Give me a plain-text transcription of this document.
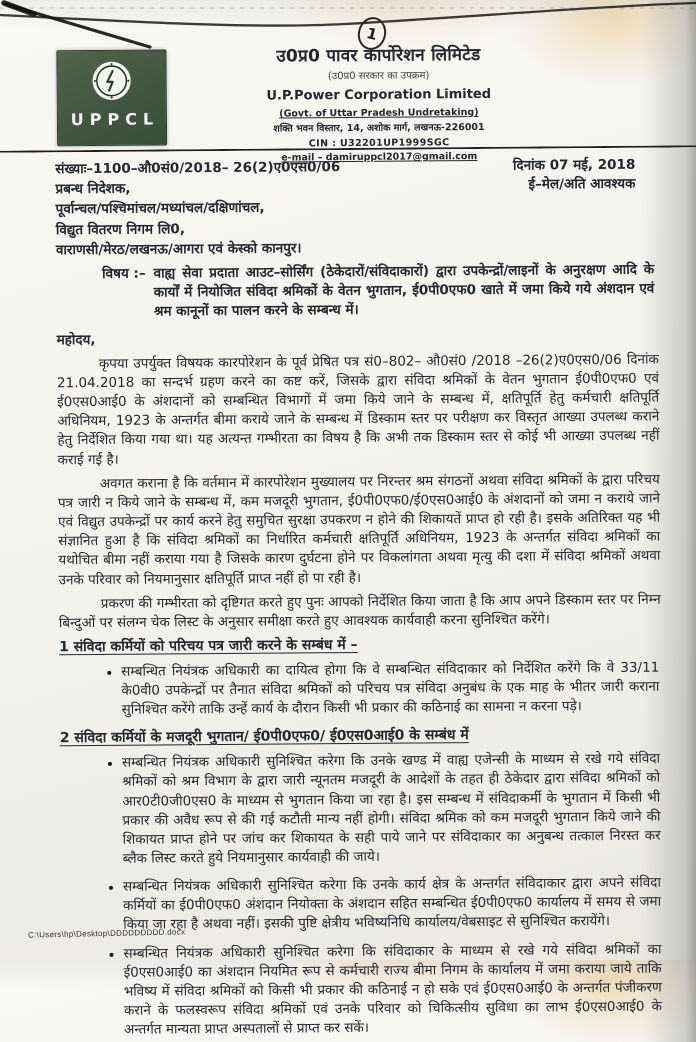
1
UPPCL
उ0प्र0 पावर कार्पोरेशन लिमिटेड
(उ0प्र0 सरकार का उपक्रम)
U.P.Power Corporation Limited
(Govt. of Uttar Pradesh Undretaking)
शक्ति भवन विस्तार, 14, अशोक मार्ग, लखनऊ-226001
CIN : U32201UP1999SGC
e-mail – damiruppcl2017@gmail.com
संख्याः–1100–औ0सं0/2018– 26(2)ए0एस0/06	दिनांक 07 मई, 2018
प्रबन्ध निदेशक,
पूर्वान्चल/पश्चिमांचल/मध्यांचल/दक्षिणांचल,
विद्युत वितरण निगम लि0,
वाराणसी/मेरठ/लखनऊ/आगरा एवं केस्को कानपुर।
ई–मेल/अति आवश्यक
विषय :– वाह्य सेवा प्रदाता आउट–सोर्सिंग (ठेकेदारों/संविदाकारों) द्वारा उपकेन्द्रों/लाइनों के अनुरक्षण आदि के कार्यों में नियोजित संविदा श्रमिकों के वेतन भुगतान, ई0पी0एफ0 खाते में जमा किये गये अंशदान एवं श्रम कानूनों का पालन करने के सम्बन्ध में।
महोदय,

कृपया उपर्युक्त विषयक कारपोरेशन के पूर्व प्रेषित पत्र सं0–802– औ0सं0 /2018 –26(2)ए0एस0/06 दिनांक 21.04.2018 का सन्दर्भ ग्रहण करने का कष्ट करें, जिसके द्वारा संविदा श्रमिकों के वेतन भुगतान ई0पी0एफ0 एवं ई0एस0आई0 के अंशदानों को सम्बन्धित विभागों में जमा किये जाने के सम्बन्ध में, क्षतिपूर्ति हेतु कर्मचारी क्षतिपूर्ति अधिनियम, 1923 के अन्तर्गत बीमा कराये जाने के सम्बन्ध में डिस्काम स्तर पर परीक्षण कर विस्तृत आख्या उपलब्ध कराने हेतु निर्देशित किया गया था। यह अत्यन्त गम्भीरता का विषय है कि अभी तक डिस्काम स्तर से कोई भी आख्या उपलब्ध नहीं कराई गई है।

अवगत कराना है कि वर्तमान में कारपोरेशन मुख्यालय पर निरन्तर श्रम संगठनों अथवा संविदा श्रमिकों के द्वारा परिचय पत्र जारी न किये जाने के सम्बन्ध में, कम मजदूरी भुगतान, ई0पी0एफ0/ई0एस0आई0 के अंशदानों को जमा न कराये जाने एवं विद्युत उपकेन्द्रों पर कार्य करने हेतु समुचित सुरक्षा उपकरण न होने की शिकायतें प्राप्त हो रही है। इसके अतिरिक्त यह भी संज्ञानित हुआ है कि संविदा श्रमिकों का निर्धारित कर्मचारी क्षतिपूर्ति अधिनियम, 1923 के अन्तर्गत संविदा श्रमिकों का यथोचित बीमा नहीं कराया गया है जिसके कारण दुर्घटना होने पर विकलांगता अथवा मृत्यु की दशा में संविदा श्रमिकों अथवा उनके परिवार को नियमानुसार क्षतिपूर्ति प्राप्त नहीं हो पा रही है।

प्रकरण की गम्भीरता को दृष्टिगत करते हुए पुनः आपको निर्देशित किया जाता है कि आप अपने डिस्काम स्तर पर निम्न बिन्दुओं पर संलग्न चेक लिस्ट के अनुसार समीक्षा करते हुए आवश्यक कार्यवाही करना सुनिश्चित करेंगे।

1 संविदा कर्मियों को परिचय पत्र जारी करने के सम्बंध में –
• सम्बन्धित नियंत्रक अधिकारी का दायित्व होगा कि वे सम्बन्धित संविदाकार को निर्देशित करेंगे कि वे 33/11 के0वी0 उपकेन्द्रों पर तैनात संविदा श्रमिकों को परिचय पत्र संविदा अनुबंध के एक माह के भीतर जारी कराना सुनिश्चित करेंगे ताकि उन्हें कार्य के दौरान किसी भी प्रकार की कठिनाई का सामना न करना पड़े।
2 संविदा कर्मियों के मजदूरी भुगतान/ ई0पी0एफ0/ ई0एस0आई0 के सम्बंध में
• सम्बन्धित नियंत्रक अधिकारी सुनिश्चित करेगा कि उनके खण्ड में वाह्य एजेन्सी के माध्यम से रखे गये संविदा श्रमिकों को श्रम विभाग के द्वारा जारी न्यूनतम मजदूरी के आदेशों के तहत ही ठेकेदार द्वारा संविदा श्रमिकों को आर0टी0जी0एस0 के माध्यम से भुगतान किया जा रहा है। इस सम्बन्ध में संविदाकर्मी के भुगतान में किसी भी प्रकार की अवैध रूप से की गई कटौती मान्य नहीं होगी। संविदा श्रमिक को कम मजदूरी भुगतान किये जाने की शिकायत प्राप्त होने पर जांच कर शिकायत के सही पाये जाने पर संविदाकार का अनुबन्ध तत्काल निरस्त कर ब्लैक लिस्ट करते हुये नियमानुसार कार्यवाही की जाये।
• सम्बन्धित नियंत्रक अधिकारी सुनिश्चित करेगा कि उनके कार्य क्षेत्र के अन्तर्गत संविदाकार द्वारा अपने संविदा कर्मियों का ई0पी0एफ0 अंशदान नियोक्ता के अंशदान सहित सम्बन्धित ई0पी0एफ0 कार्यालय में समय से जमा किया जा रहा है अथवा नहीं। इसकी पुष्टि क्षेत्रीय भविष्यनिधि कार्यालय/वेबसाइट से सुनिश्चित करायेंगे।
• सम्बन्धित नियंत्रक अधिकारी सुनिश्चित करेगा कि संविदाकार के माध्यम से रखे गये संविदा श्रमिकों का ई0एस0आई0 का अंशदान नियमित रूप से कर्मचारी राज्य बीमा निगम के कार्यालय में जमा कराया जाये ताकि भविष्य में संविदा श्रमिकों को किसी भी प्रकार की कठिनाई न हो सके एवं ई0एस0आई0 के अन्तर्गत पंजीकरण कराने के फलस्वरूप संविदा श्रमिकों एवं उनके परिवार को चिकित्सीय सुविधा का लाभ ई0एस0आई0 के अन्तर्गत मान्यता प्राप्त अस्पतालों से प्राप्त कर सकें।
C:\Users\hp\Desktop\DDDDDDDDD.docx
